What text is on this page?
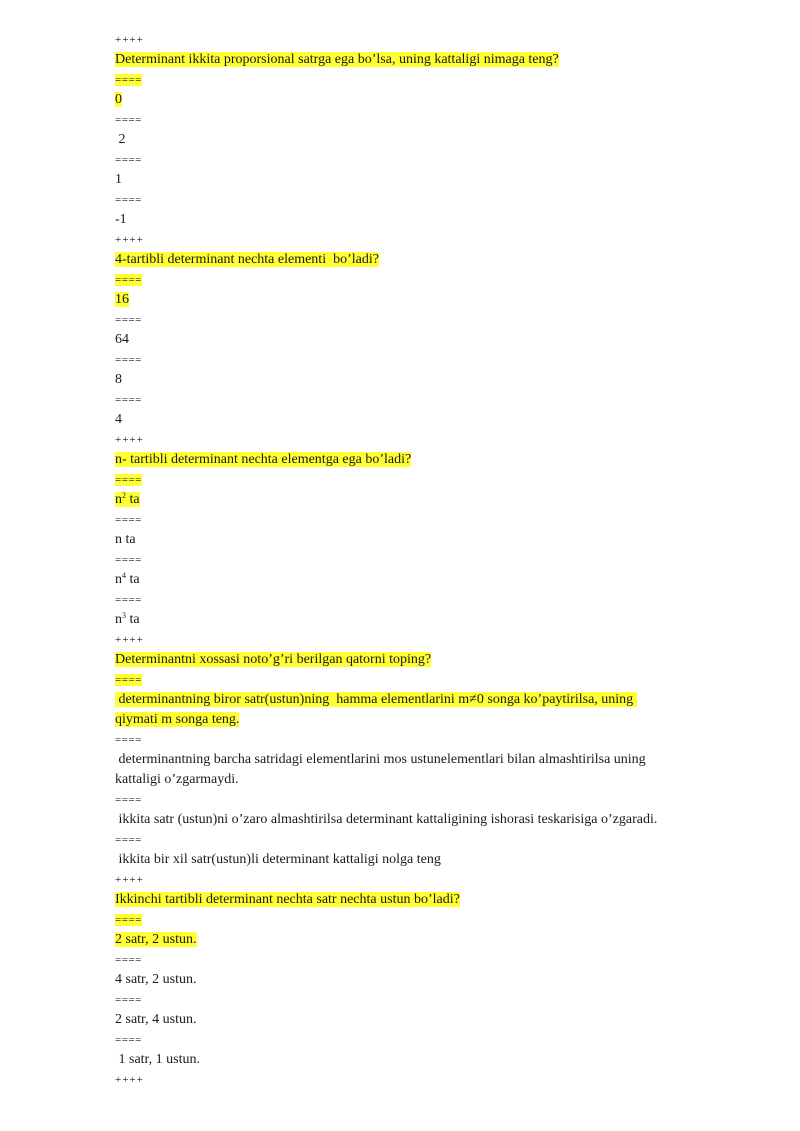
++++
Determinant ikkita proporsional satrga ega bo’lsa, uning kattaligi nimaga teng?
====
0
====
2
====
1
====
-1
++++
4-tartibli determinant nechta elementi  bo’ladi?
====
16
====
64
====
8
====
4
++++
n- tartibli determinant nechta elementga ega bo’ladi?
====
$n^2$ ta
====
n ta
====
$n^4$ ta
====
$n^3$ ta
++++
Determinantni xossasi noto’g’ri berilgan qatorni toping?
====
determinantning biror satr(ustun)ning  hamma elementlarini m≠0 songa ko’paytirilsa, uning
qiymati m songa teng.
====
determinantning barcha satridagi elementlarini mos ustunelementlari bilan almashtirilsa uning
kattaligi o’zgarmaydi.
====
ikkita satr (ustun)ni o’zaro almashtirilsa determinant kattaligining ishorasi teskarisiga o’zgaradi.
====
ikkita bir xil satr(ustun)li determinant kattaligi nolga teng
++++
Ikkinchi tartibli determinant nechta satr nechta ustun bo’ladi?
====
2 satr, 2 ustun.
====
4 satr, 2 ustun.
====
2 satr, 4 ustun.
====
1 satr, 1 ustun.
++++
